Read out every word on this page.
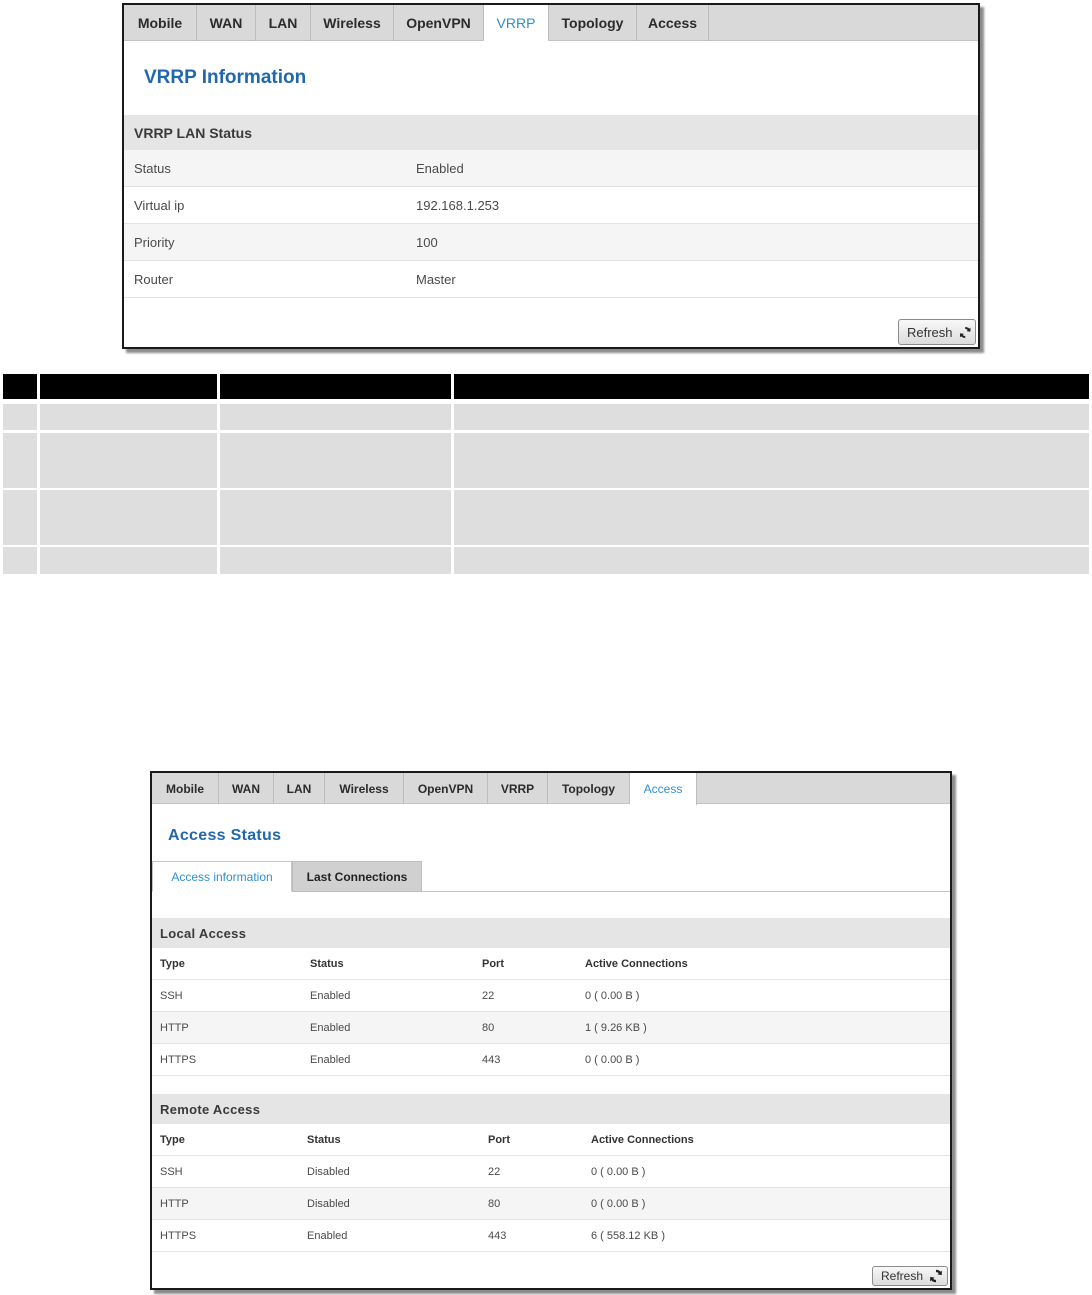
Mobile	WAN	LAN	Wireless	OpenVPN	VRRP	Topology	Access
VRRP Information
VRRP LAN Status
Status	Enabled
Virtual ip	192.168.1.253
Priority	100
Router	Master
Refresh
Mobile	WAN	LAN	Wireless	OpenVPN	VRRP	Topology	Access
Access Status
Access information	Last Connections
Local Access
Type	Status	Port	Active Connections
SSH	Enabled	22	0 ( 0.00 B )
HTTP	Enabled	80	1 ( 9.26 KB )
HTTPS	Enabled	443	0 ( 0.00 B )
Remote Access
Type	Status	Port	Active Connections
SSH	Disabled	22	0 ( 0.00 B )
HTTP	Disabled	80	0 ( 0.00 B )
HTTPS	Enabled	443	6 ( 558.12 KB )
Refresh
